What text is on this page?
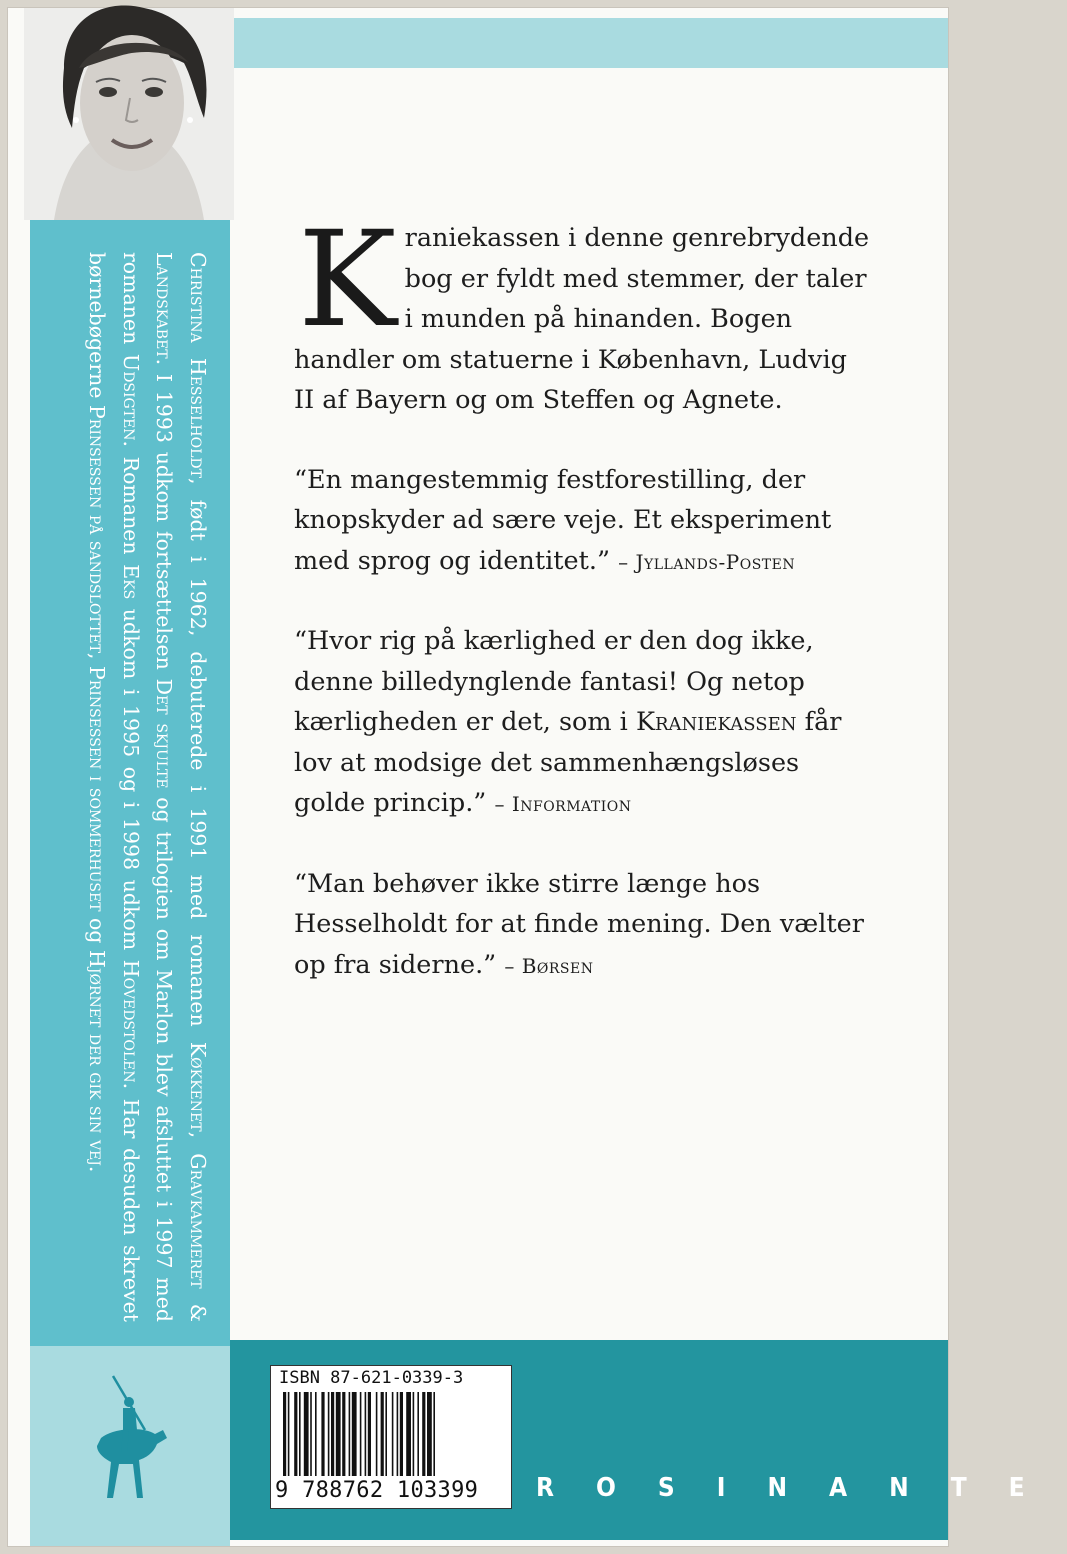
Christina Hesselholdt, født i 1962, debuterede i 1991 med romanen Køkkenet, Gravkammeret & Landskabet. I 1993 udkom fortsættelsen Det skjulte og trilogien om Marlon blev afsluttet i 1997 med romanen Udsigten. Romanen Eks udkom i 1995 og i 1998 udkom Hovedstolen. Har desuden skrevet børnebøgerne Prinsessen på sandslottet, Prinsessen i sommerhuset og Hjørnet der gik sin vej.
K raniekassen i denne genrebrydende
bog er fyldt med stemmer, der taler
i munden på hinanden. Bogen
handler om statuerne i København, Ludvig
II af Bayern og om Steffen og Agnete.
“En mangestemmig festforestilling, der knopskyder ad sære veje. Et eksperiment med sprog og identitet.” – Jyllands-Posten
“Hvor rig på kærlighed er den dog ikke, denne billedynglende fantasi! Og netop kærligheden er det, som i Kraniekassen får lov at modsige det sammenhængsløses golde princip.” – Information
“Man behøver ikke stirre længe hos Hesselholdt for at finde mening. Den vælter op fra siderne.” – Børsen
ISBN 87-621-0339-3
9 788762 103399	ROSINANTE
